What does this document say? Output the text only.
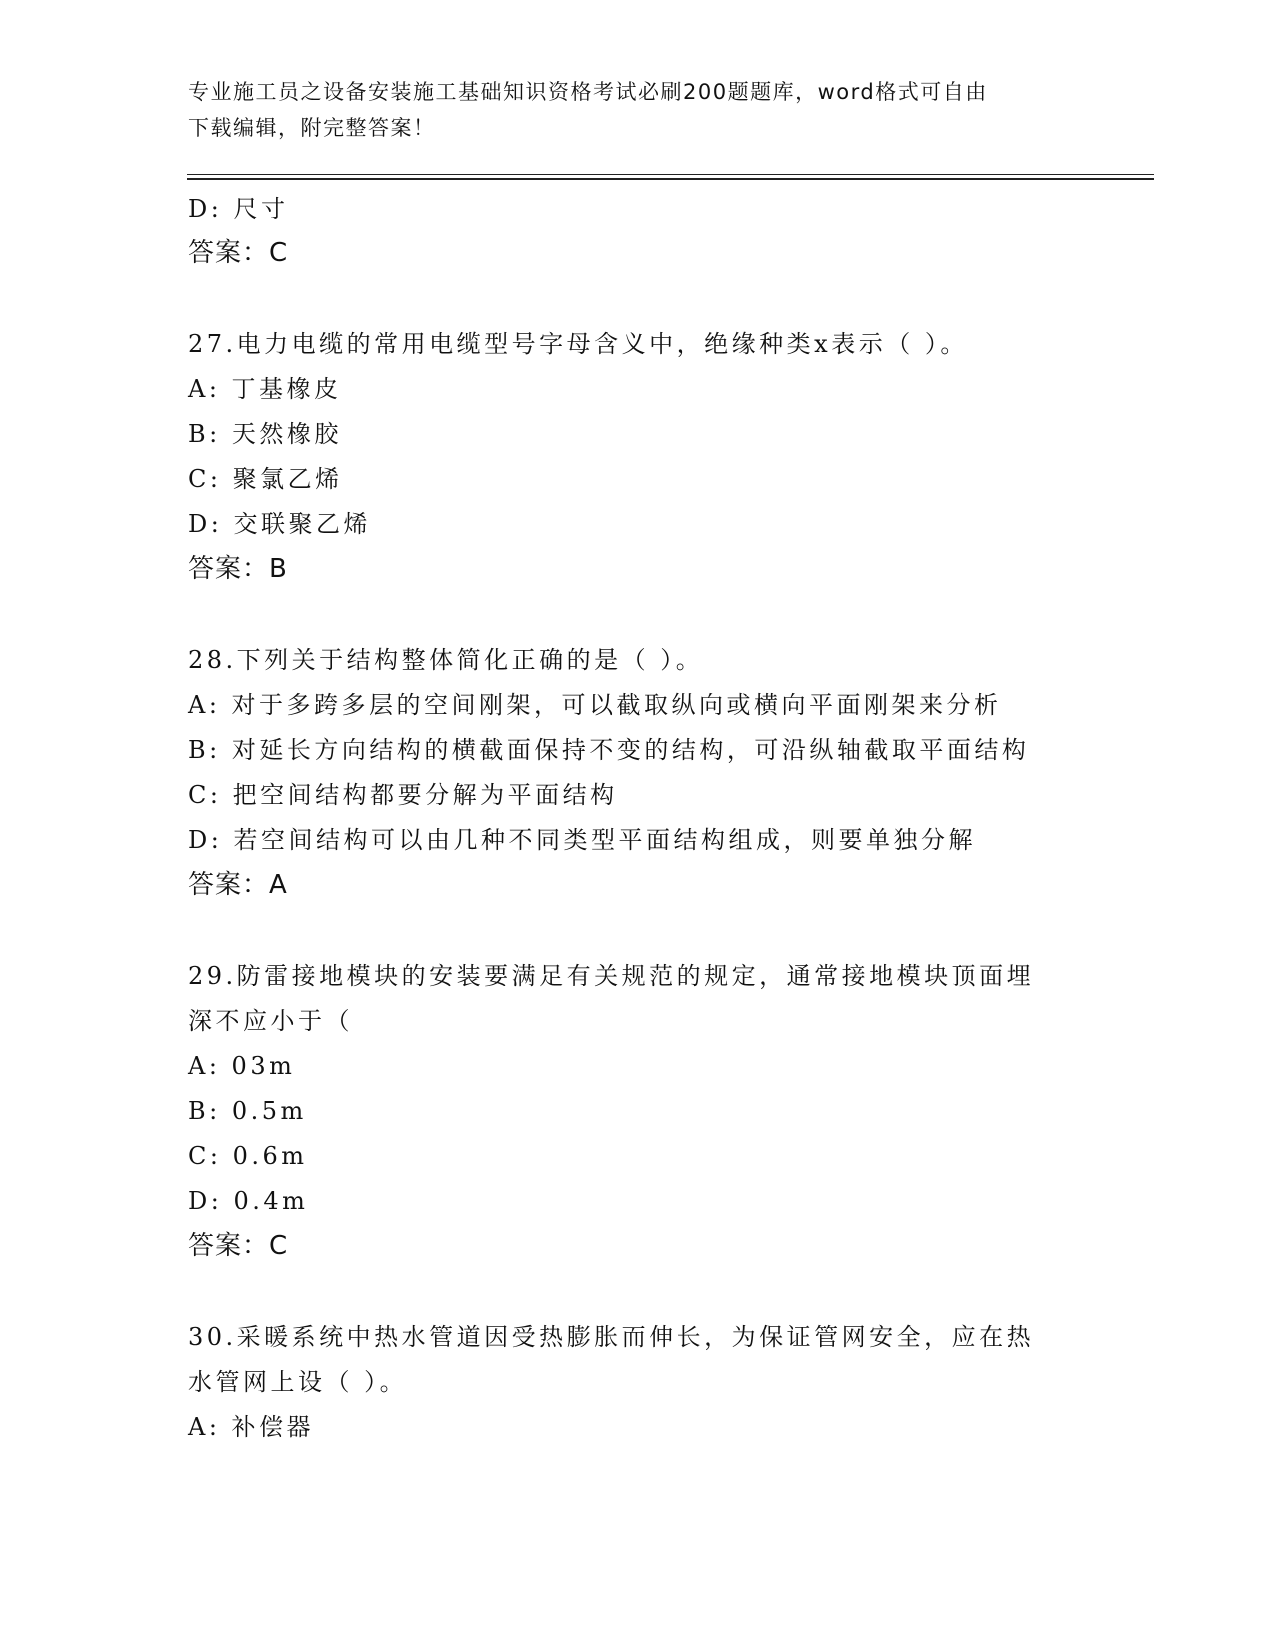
专业施工员之设备安装施工基础知识资格考试必刷200题题库，word格式可自由
下载编辑，附完整答案！
D: 尺寸
答案：C
27.电力电缆的常用电缆型号字母含义中，绝缘种类x表示（ ）。
A: 丁基橡皮
B: 天然橡胶
C: 聚氯乙烯
D: 交联聚乙烯
答案：B
28.下列关于结构整体简化正确的是（ ）。
A: 对于多跨多层的空间刚架，可以截取纵向或横向平面刚架来分析
B: 对延长方向结构的横截面保持不变的结构，可沿纵轴截取平面结构
C: 把空间结构都要分解为平面结构
D: 若空间结构可以由几种不同类型平面结构组成，则要单独分解
答案：A
29.防雷接地模块的安装要满足有关规范的规定，通常接地模块顶面埋
深不应小于（
A: 03m
B: 0.5m
C: 0.6m
D: 0.4m
答案：C
30.采暖系统中热水管道因受热膨胀而伸长，为保证管网安全，应在热
水管网上设（ ）。
A: 补偿器
